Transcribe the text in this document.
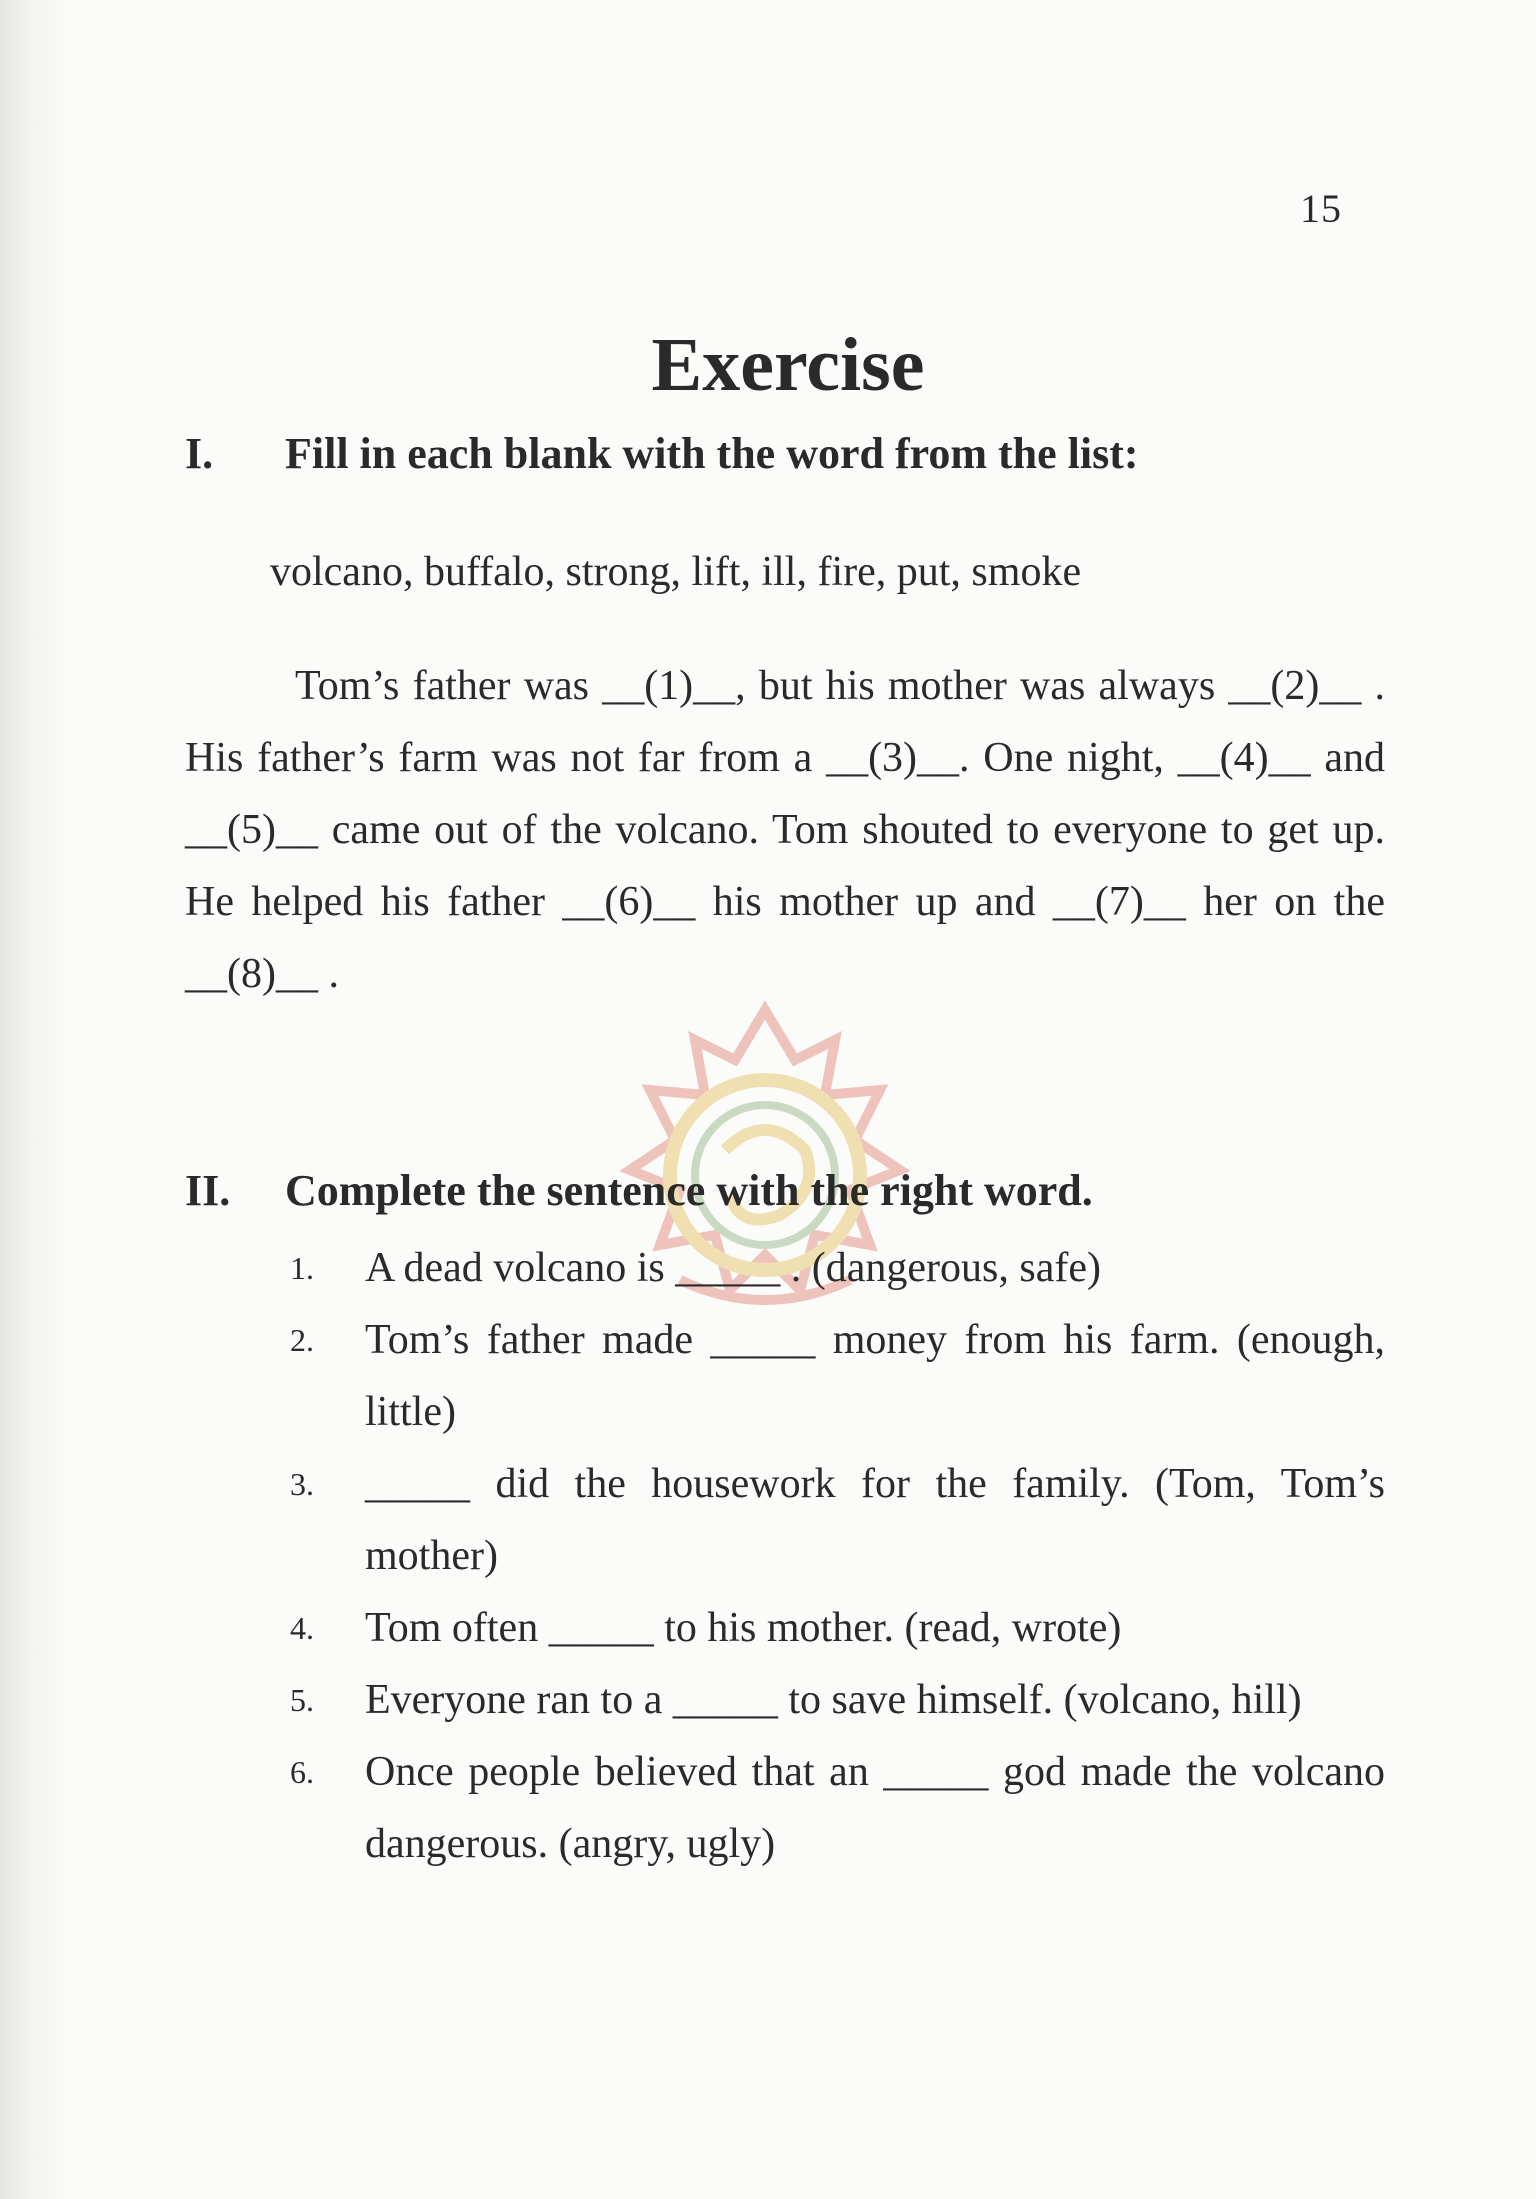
15
Exercise
I. Fill in each blank with the word from the list:
volcano, buffalo, strong, lift, ill, fire, put, smoke

Tom’s father was __(1)__, but his mother was always __(2)__ . His father’s farm was not far from a __(3)__. One night, __(4)__ and __(5)__ came out of the volcano. Tom shouted to everyone to get up. He helped his father __(6)__ his mother up and __(7)__ her on the __(8)__ .

II. Complete the sentence with the right word.
1. A dead volcano is _____ . (dangerous, safe)
2. Tom’s father made _____ money from his farm. (enough, little)
3. _____ did the housework for the family. (Tom, Tom’s mother)
4. Tom often _____ to his mother. (read, wrote)
5. Everyone ran to a _____ to save himself. (volcano, hill)
6. Once people believed that an _____ god made the volcano dangerous. (angry, ugly)
